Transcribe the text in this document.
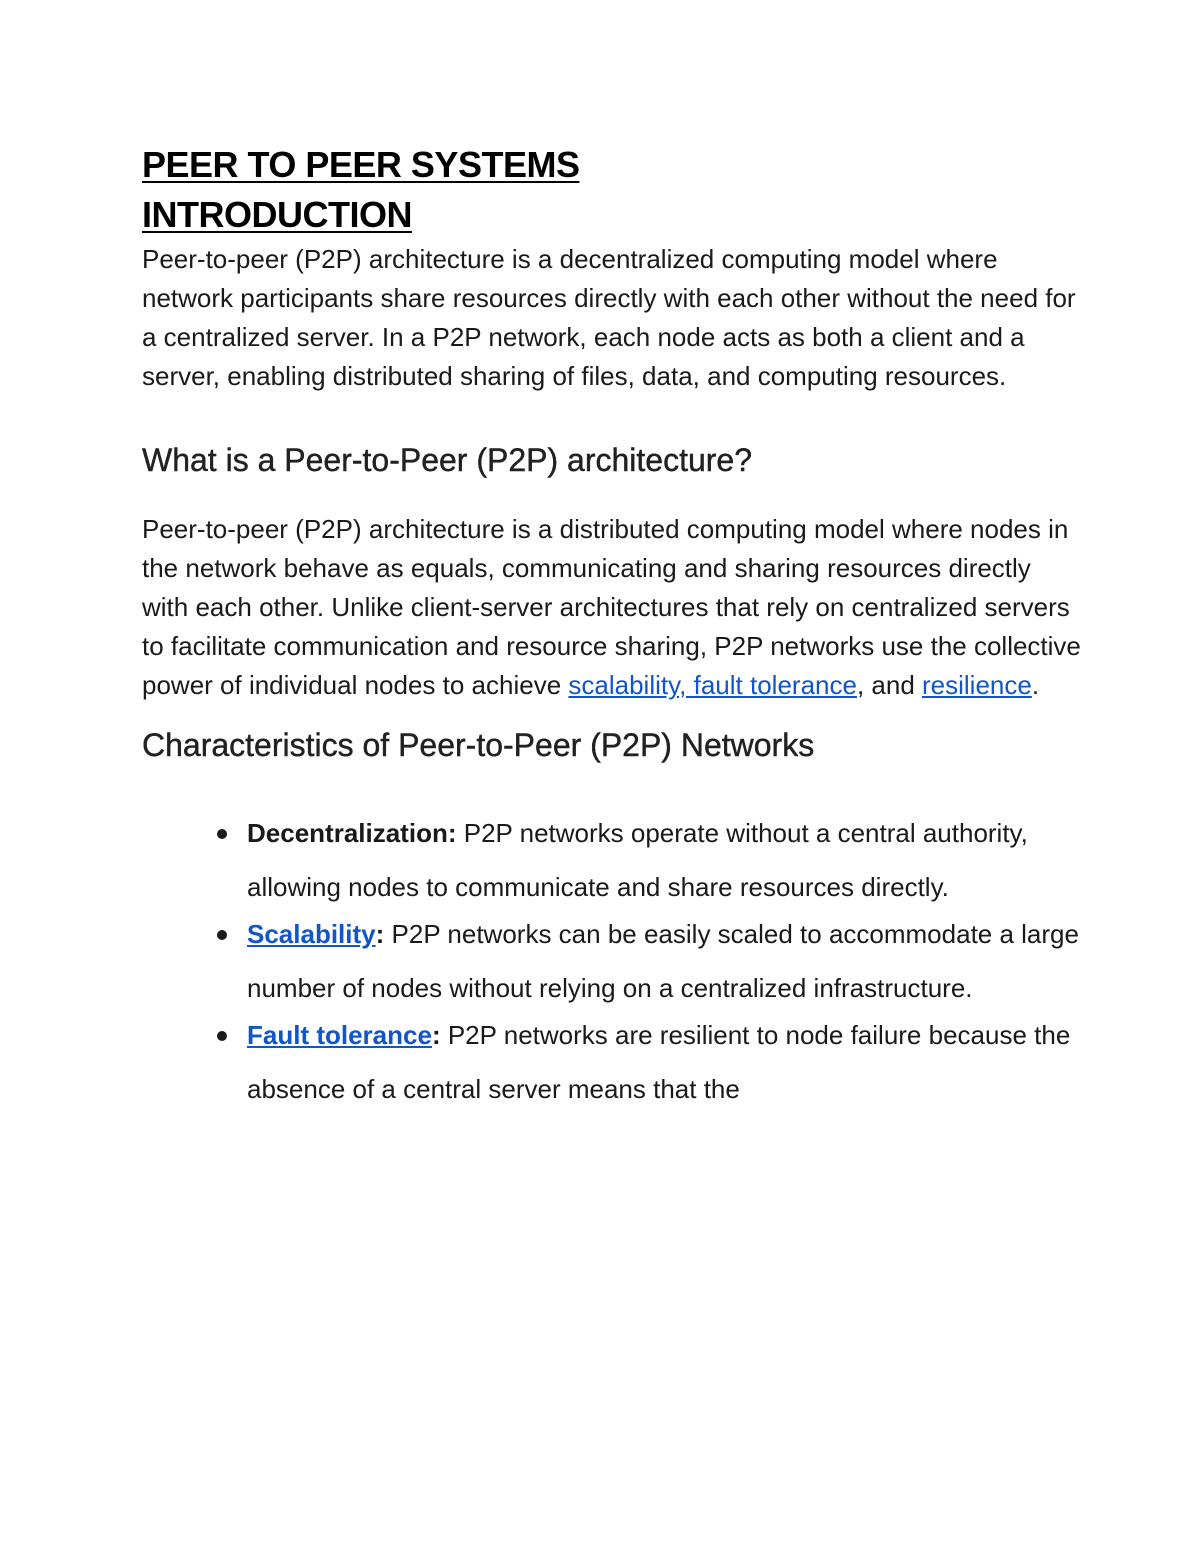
PEER TO PEER SYSTEMS
INTRODUCTION

Peer-to-peer (P2P) architecture is a decentralized computing model where network participants share resources directly with each other without the need for a centralized server. In a P2P network, each node acts as both a client and a server, enabling distributed sharing of files, data, and computing resources.

What is a Peer-to-Peer (P2P) architecture?

Peer-to-peer (P2P) architecture is a distributed computing model where nodes in the network behave as equals, communicating and sharing resources directly with each other. Unlike client-server architectures that rely on centralized servers to facilitate communication and resource sharing, P2P networks use the collective power of individual nodes to achieve scalability, fault tolerance, and resilience.

Characteristics of Peer-to-Peer (P2P) Networks
Decentralization: P2P networks operate without a central authority, allowing nodes to communicate and share resources directly.
Scalability: P2P networks can be easily scaled to accommodate a large number of nodes without relying on a centralized infrastructure.
Fault tolerance: P2P networks are resilient to node failure because the absence of a central server means that the
